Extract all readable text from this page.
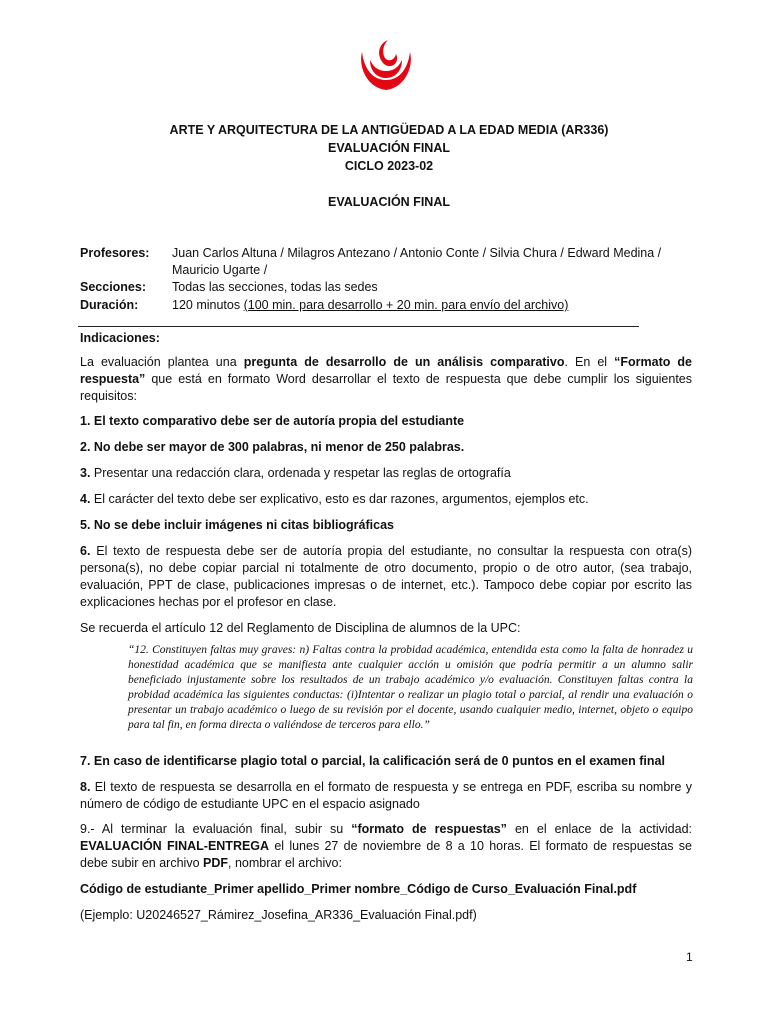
ARTE Y ARQUITECTURA DE LA ANTIGÜEDAD A LA EDAD MEDIA (AR336)
EVALUACIÓN FINAL
CICLO 2023-02
EVALUACIÓN FINAL
Profesores: Juan Carlos Altuna / Milagros Antezano / Antonio Conte / Silvia Chura / Edward Medina / Mauricio Ugarte /
Secciones: Todas las secciones, todas las sedes
Duración:	120 minutos (100 min. para desarrollo + 20 min. para envío del archivo)
Indicaciones:
La evaluación plantea una pregunta de desarrollo de un análisis comparativo. En el “Formato de respuesta” que está en formato Word desarrollar el texto de respuesta que debe cumplir los siguientes requisitos:
1. El texto comparativo debe ser de autoría propia del estudiante
2. No debe ser mayor de 300 palabras, ni menor de 250 palabras.
3. Presentar una redacción clara, ordenada y respetar las reglas de ortografía
4. El carácter del texto debe ser explicativo, esto es dar razones, argumentos, ejemplos etc.
5. No se debe incluir imágenes ni citas bibliográficas
6. El texto de respuesta debe ser de autoría propia del estudiante, no consultar la respuesta con otra(s) persona(s), no debe copiar parcial ni totalmente de otro documento, propio o de otro autor, (sea trabajo, evaluación, PPT de clase, publicaciones impresas o de internet, etc.). Tampoco debe copiar por escrito las explicaciones hechas por el profesor en clase.
Se recuerda el artículo 12 del Reglamento de Disciplina de alumnos de la UPC:
“12. Constituyen faltas muy graves: n) Faltas contra la probidad académica, entendida esta como la falta de honradez u honestidad académica que se manifiesta ante cualquier acción u omisión que podría permitir a un alumno salir beneficiado injustamente sobre los resultados de un trabajo académico y/o evaluación. Constituyen faltas contra la probidad académica las siguientes conductas: (i)Intentar o realizar un plagio total o parcial, al rendir una evaluación o presentar un trabajo académico o luego de su revisión por el docente, usando cualquier medio, internet, objeto o equipo para tal fin, en forma directa o valiéndose de terceros para ello.”
7. En caso de identificarse plagio total o parcial, la calificación será de 0 puntos en el examen final
8. El texto de respuesta se desarrolla en el formato de respuesta y se entrega en PDF, escriba su nombre y número de código de estudiante UPC en el espacio asignado
9.- Al terminar la evaluación final, subir su “formato de respuestas” en el enlace de la actividad: EVALUACIÓN FINAL-ENTREGA el lunes 27 de noviembre de 8 a 10 horas. El formato de respuestas se debe subir en archivo PDF, nombrar el archivo:
Código de estudiante_Primer apellido_Primer nombre_Código de Curso_Evaluación Final.pdf
(Ejemplo: U20246527_Rámirez_Josefina_AR336_Evaluación Final.pdf)
1
